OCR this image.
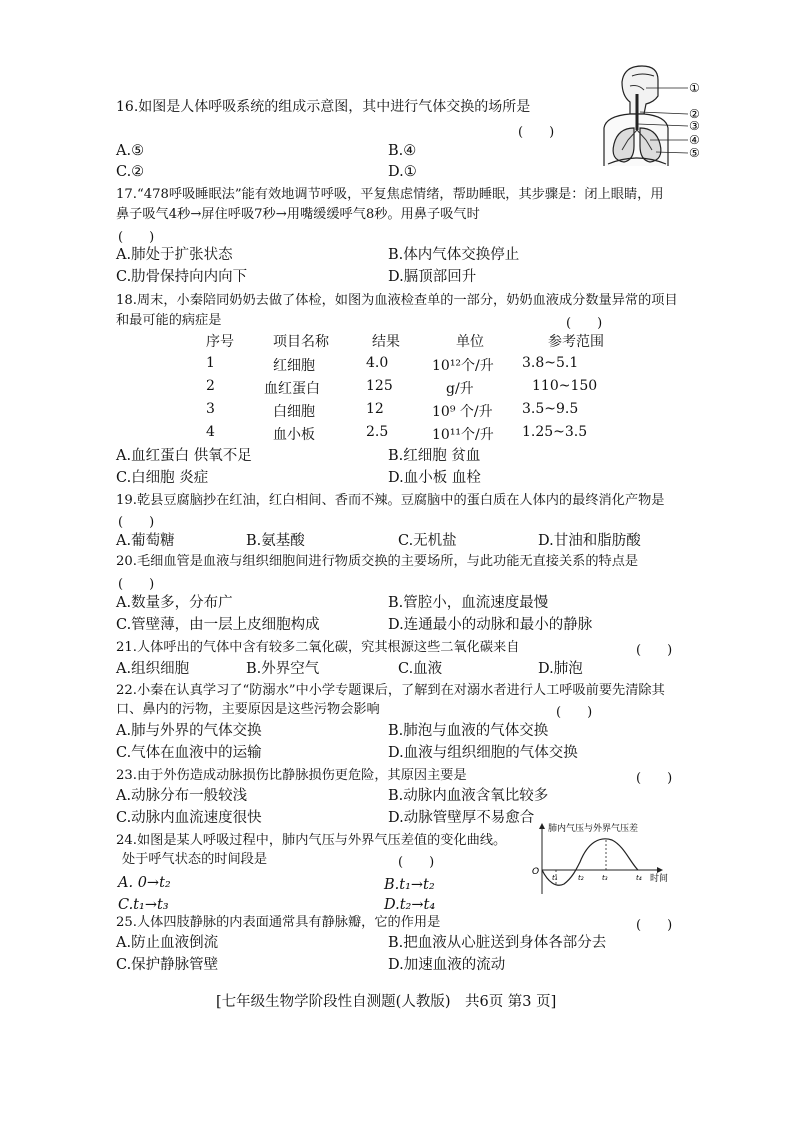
16.如图是人体呼吸系统的组成示意图，其中进行气体交换的场所是
(　　)
A.⑤	B.④
C.②	D.①
①
②
③
④
⑤
17.“478呼吸睡眠法”能有效地调节呼吸，平复焦虑情绪，帮助睡眠，其步骤是：闭上眼睛，用
鼻子吸气4秒→屏住呼吸7秒→用嘴缓缓呼气8秒。用鼻子吸气时
(　　)
A.肺处于扩张状态	B.体内气体交换停止
C.肋骨保持向内向下	D.膈顶部回升
18.周末，小秦陪同奶奶去做了体检，如图为血液检查单的一部分，奶奶血液成分数量异常的项目
和最可能的病症是	(　　)
序号	项目名称	结果	单位	参考范围
1	红细胞	4.0	10¹²个/升 3.8~5.1
2	血红蛋白	125	g/升	110~150
3	白细胞	12	10⁹ 个/升 3.5~9.5
4	血小板	2.5	10¹¹个/升 1.25~3.5
A.血红蛋白 供氧不足	B.红细胞 贫血
C.白细胞 炎症	D.血小板 血栓
19.乾县豆腐脑抄在红油，红白相间、香而不辣。豆腐脑中的蛋白质在人体内的最终消化产物是
(　　)
A.葡萄糖	B.氨基酸	C.无机盐	D.甘油和脂肪酸
20.毛细血管是血液与组织细胞间进行物质交换的主要场所，与此功能无直接关系的特点是
(　　)
A.数量多，分布广	B.管腔小，血流速度最慢
C.管壁薄，由一层上皮细胞构成	D.连通最小的动脉和最小的静脉
21.人体呼出的气体中含有较多二氧化碳，究其根源这些二氧化碳来自	(　　)
A.组织细胞	B.外界空气	C.血液	D.肺泡
22.小秦在认真学习了“防溺水”中小学专题课后，了解到在对溺水者进行人工呼吸前要先清除其
口、鼻内的污物，主要原因是这些污物会影响	(　　)
A.肺与外界的气体交换	B.肺泡与血液的气体交换
C.气体在血液中的运输	D.血液与组织细胞的气体交换
23.由于外伤造成动脉损伤比静脉损伤更危险，其原因主要是	(　　)
A.动脉分布一般较浅	B.动脉内血液含氧比较多
C.动脉内血流速度很快	D.动脉管壁厚不易愈合
24.如图是某人呼吸过程中，肺内气压与外界气压差值的变化曲线。
处于呼气状态的时间段是	(　　)
A. 0→t₂	B.t₁→t₂
C.t₁→t₃	D.t₂→t₄
肺内气压与外界气压差
O
t₁	t₂	t₃	t₄ 时间
25.人体四肢静脉的内表面通常具有静脉瓣，它的作用是	(　　)
A.防止血液倒流	B.把血液从心脏送到身体各部分去
C.保护静脉管壁	D.加速血液的流动
[七年级生物学阶段性自测题(人教版)　共6页 第3 页]
